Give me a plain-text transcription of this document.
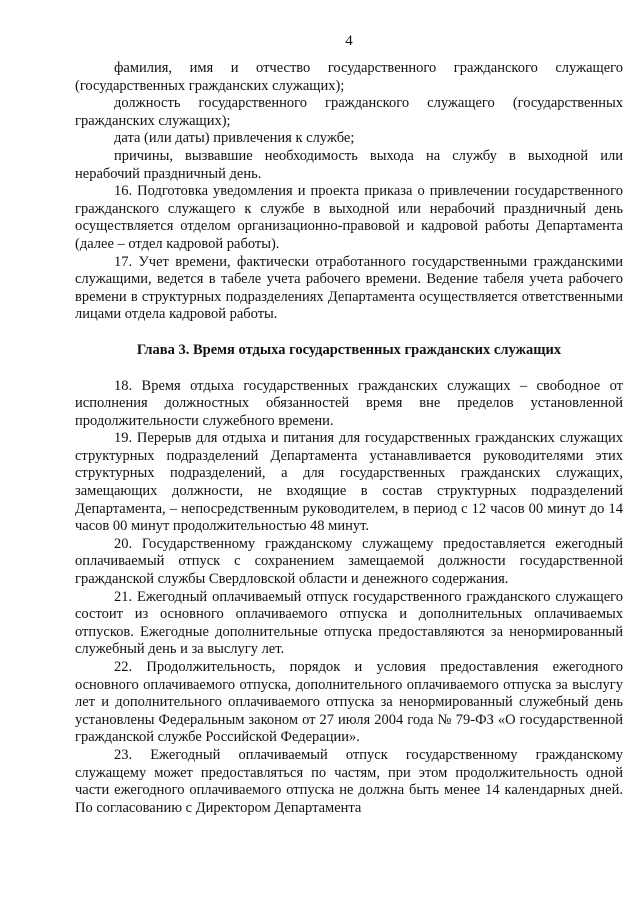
4

фамилия, имя и отчество государственного гражданского служащего (государственных гражданских служащих);

должность государственного гражданского служащего (государственных гражданских служащих);

дата (или даты) привлечения к службе;

причины, вызвавшие необходимость выхода на службу в выходной или нерабочий праздничный день.

16. Подготовка уведомления и проекта приказа о привлечении государственного гражданского служащего к службе в выходной или нерабочий праздничный день осуществляется отделом организационно-правовой и кадровой работы Департамента (далее – отдел кадровой работы).

17. Учет времени, фактически отработанного государственными гражданскими служащими, ведется в табеле учета рабочего времени. Ведение табеля учета рабочего времени в структурных подразделениях Департамента осуществляется ответственными лицами отдела кадровой работы.

Глава 3. Время отдыха государственных гражданских служащих

18. Время отдыха государственных гражданских служащих – свободное от исполнения должностных обязанностей время вне пределов установленной продолжительности служебного времени.

19. Перерыв для отдыха и питания для государственных гражданских служащих структурных подразделений Департамента устанавливается руководителями этих структурных подразделений, а для государственных гражданских служащих, замещающих должности, не входящие в состав структурных подразделений Департамента, – непосредственным руководителем, в период с 12 часов 00 минут до 14 часов 00 минут продолжительностью 48 минут.

20. Государственному гражданскому служащему предоставляется ежегодный оплачиваемый отпуск с сохранением замещаемой должности государственной гражданской службы Свердловской области и денежного содержания.

21. Ежегодный оплачиваемый отпуск государственного гражданского служащего состоит из основного оплачиваемого отпуска и дополнительных оплачиваемых отпусков. Ежегодные дополнительные отпуска предоставляются за ненормированный служебный день и за выслугу лет.

22. Продолжительность, порядок и условия предоставления ежегодного основного оплачиваемого отпуска, дополнительного оплачиваемого отпуска за выслугу лет и дополнительного оплачиваемого отпуска за ненормированный служебный день установлены Федеральным законом от 27 июля 2004 года № 79-ФЗ «О государственной гражданской службе Российской Федерации».

23. Ежегодный оплачиваемый отпуск государственному гражданскому служащему может предоставляться по частям, при этом продолжительность одной части ежегодного оплачиваемого отпуска не должна быть менее 14 календарных дней. По согласованию с Директором Департамента
